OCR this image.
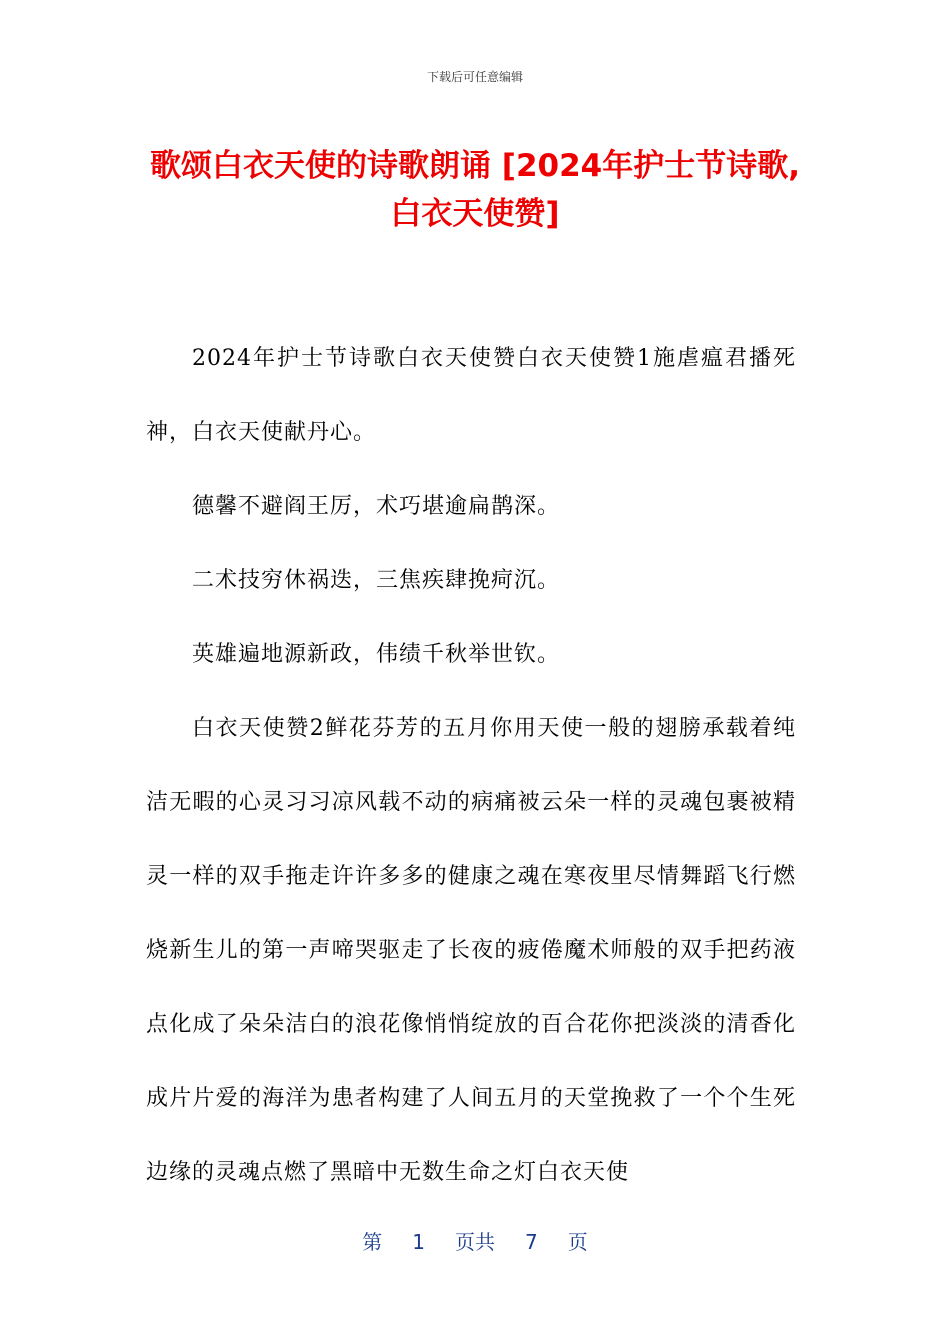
下载后可任意编辑
歌颂白衣天使的诗歌朗诵 [2024年护士节诗歌,白衣天使赞]

2024年护士节诗歌白衣天使赞白衣天使赞1施虐瘟君播死神，白衣天使献丹心。

德馨不避阎王厉，术巧堪逾扁鹊深。

二术技穷休祸迭，三焦疾肆挽疴沉。

英雄遍地源新政，伟绩千秋举世钦。

白衣天使赞2鲜花芬芳的五月你用天使一般的翅膀承载着纯洁无暇的心灵习习凉风载不动的病痛被云朵一样的灵魂包裹被精灵一样的双手拖走许许多多的健康之魂在寒夜里尽情舞蹈飞行燃烧新生儿的第一声啼哭驱走了长夜的疲倦魔术师般的双手把药液点化成了朵朵洁白的浪花像悄悄绽放的百合花你把淡淡的清香化成片片爱的海洋为患者构建了人间五月的天堂挽救了一个个生死边缘的灵魂点燃了黑暗中无数生命之灯白衣天使

第 1 页共 7 页
